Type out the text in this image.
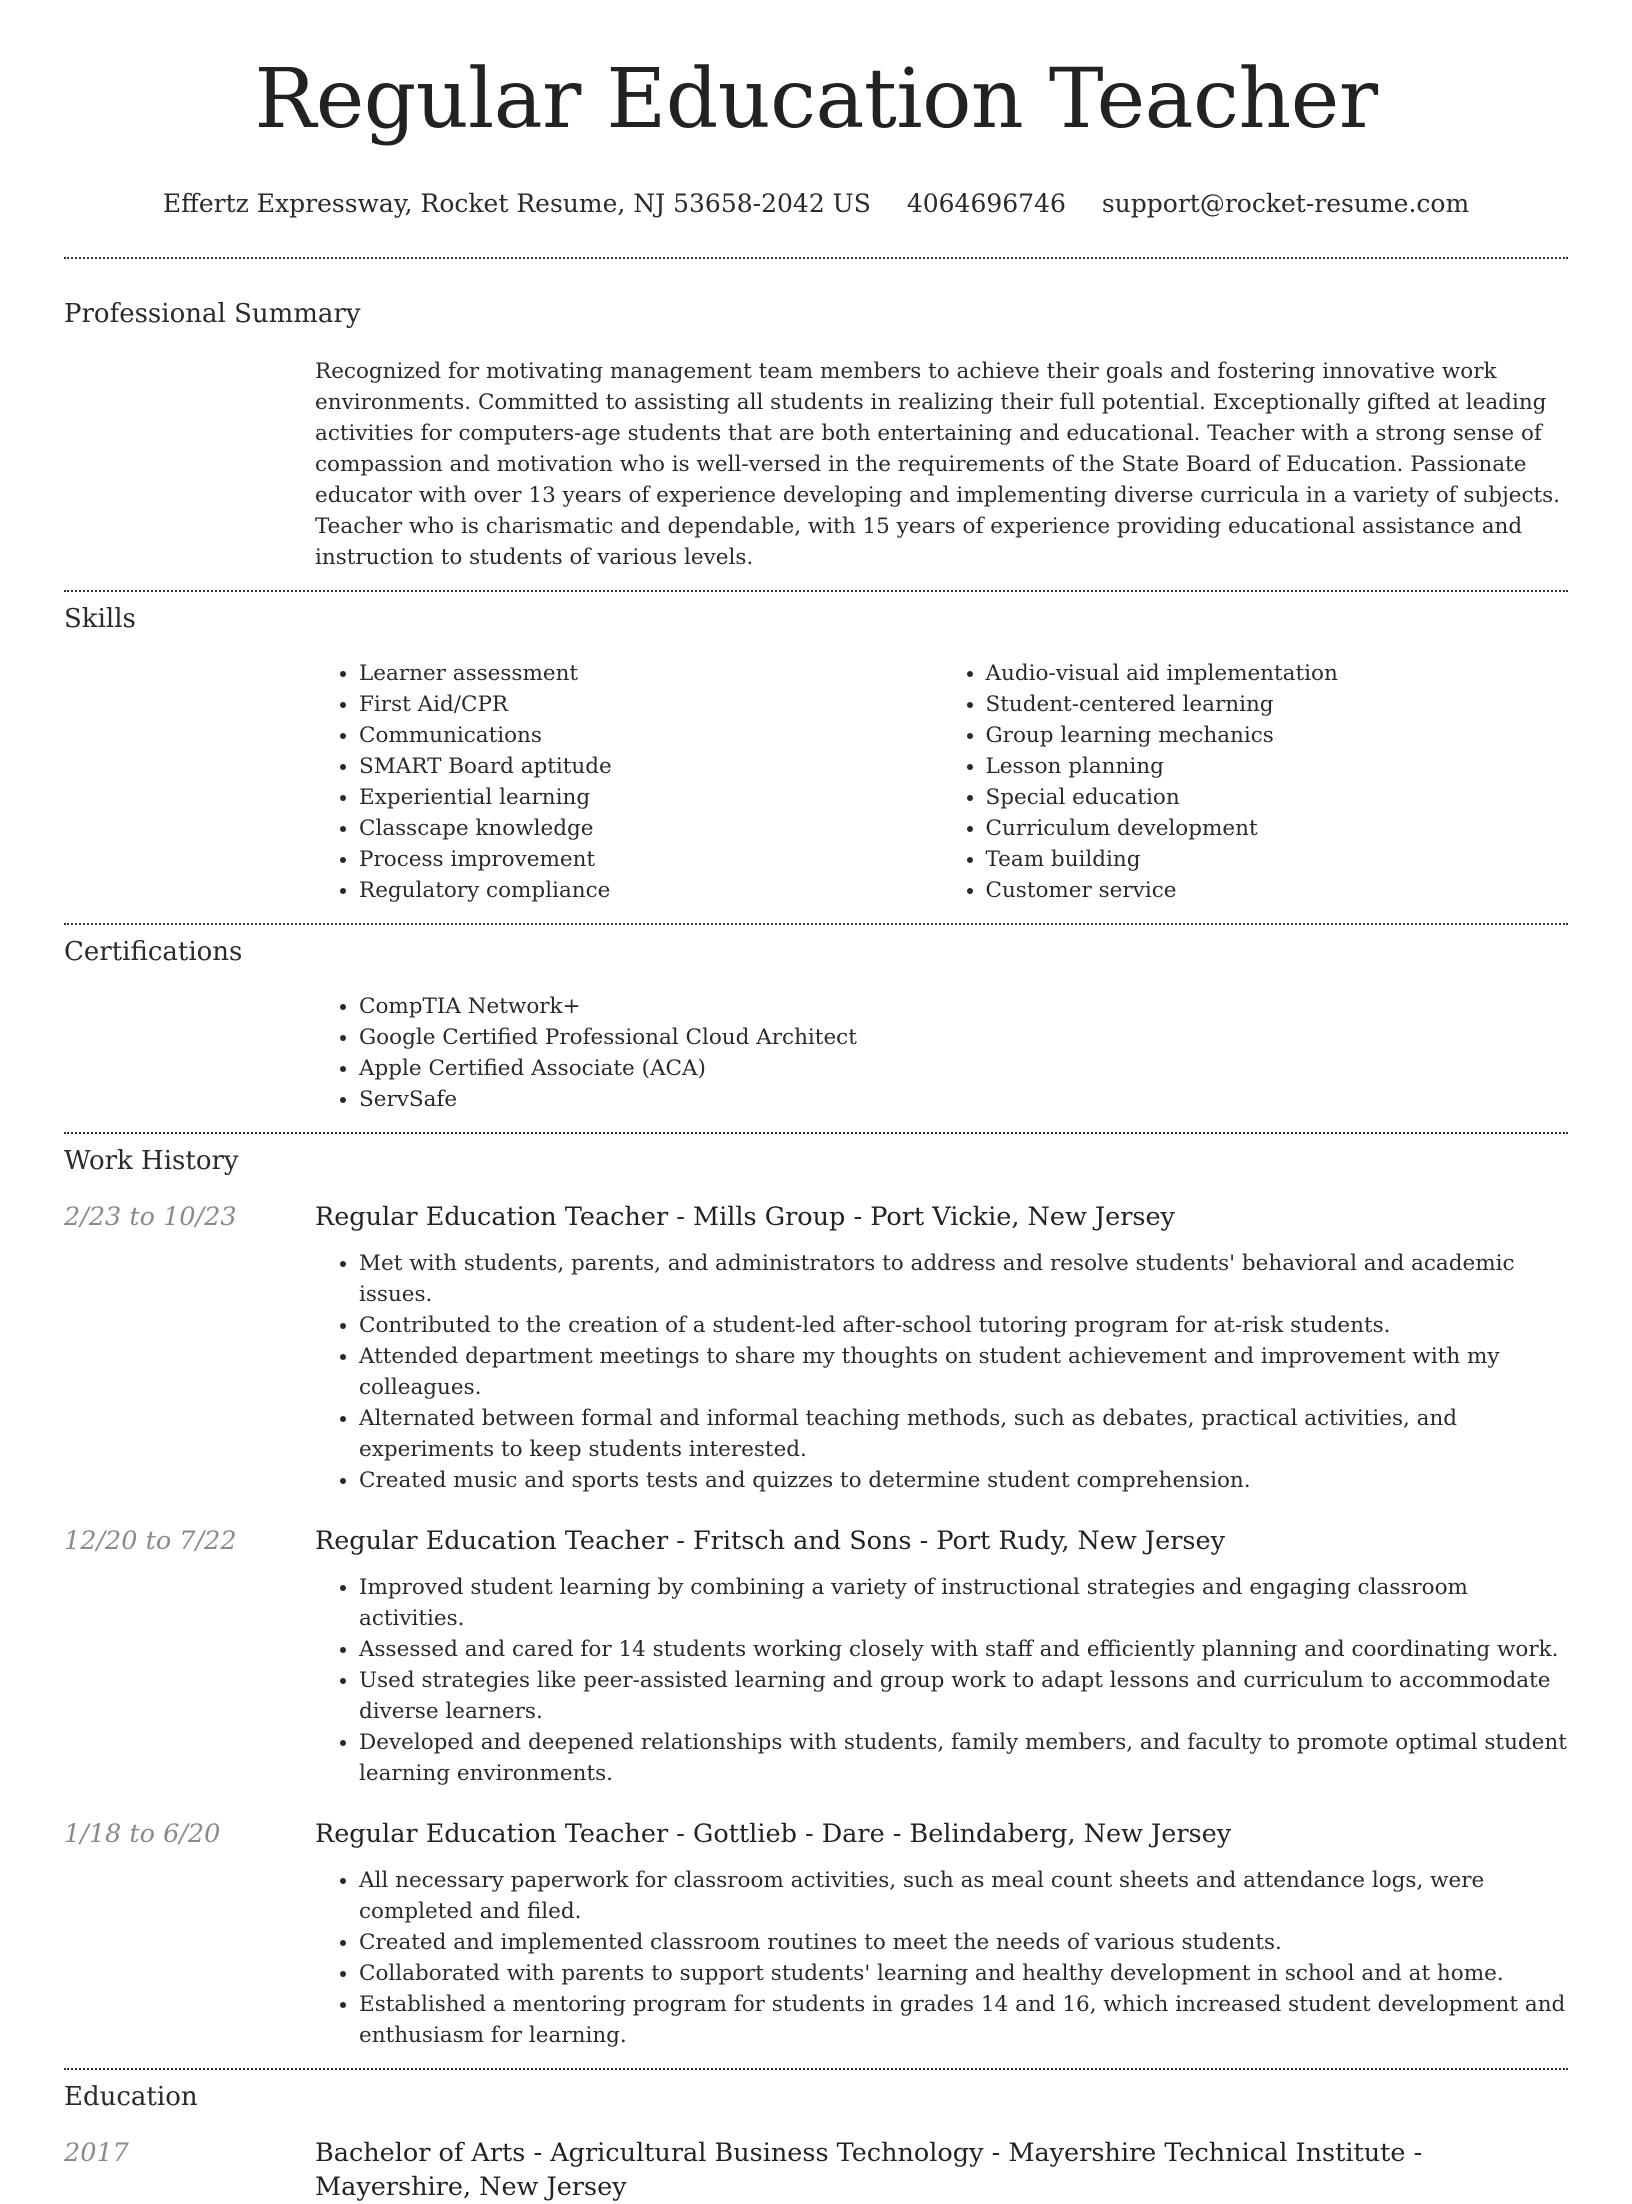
Regular Education Teacher
Effertz Expressway, Rocket Resume, NJ 53658-2042 US 4064696746 support@rocket-resume.com
Professional Summary
Recognized for motivating management team members to achieve their goals and fostering innovative work environments. Committed to assisting all students in realizing their full potential. Exceptionally gifted at leading activities for computers-age students that are both entertaining and educational. Teacher with a strong sense of compassion and motivation who is well-versed in the requirements of the State Board of Education. Passionate educator with over 13 years of experience developing and implementing diverse curricula in a variety of subjects. Teacher who is charismatic and dependable, with 15 years of experience providing educational assistance and instruction to students of various levels.
Skills
• Learner assessment
• First Aid/CPR
• Communications
• SMART Board aptitude
• Experiential learning
• Classcape knowledge
• Process improvement
• Regulatory compliance
• Audio-visual aid implementation
• Student-centered learning
• Group learning mechanics
• Lesson planning
• Special education
• Curriculum development
• Team building
• Customer service
Certifications
• CompTIA Network+
• Google Certified Professional Cloud Architect
• Apple Certified Associate (ACA)
• ServSafe
Work History
2/23 to 10/23	Regular Education Teacher - Mills Group - Port Vickie, New Jersey
• Met with students, parents, and administrators to address and resolve students' behavioral and academic issues.
• Contributed to the creation of a student-led after-school tutoring program for at-risk students.
• Attended department meetings to share my thoughts on student achievement and improvement with my colleagues.
• Alternated between formal and informal teaching methods, such as debates, practical activities, and experiments to keep students interested.
• Created music and sports tests and quizzes to determine student comprehension.
12/20 to 7/22	Regular Education Teacher - Fritsch and Sons - Port Rudy, New Jersey
• Improved student learning by combining a variety of instructional strategies and engaging classroom activities.
• Assessed and cared for 14 students working closely with staff and efficiently planning and coordinating work.
• Used strategies like peer-assisted learning and group work to adapt lessons and curriculum to accommodate diverse learners.
• Developed and deepened relationships with students, family members, and faculty to promote optimal student learning environments.
1/18 to 6/20	Regular Education Teacher - Gottlieb - Dare - Belindaberg, New Jersey
• All necessary paperwork for classroom activities, such as meal count sheets and attendance logs, were completed and filed.
• Created and implemented classroom routines to meet the needs of various students.
• Collaborated with parents to support students' learning and healthy development in school and at home.
• Established a mentoring program for students in grades 14 and 16, which increased student development and enthusiasm for learning.
Education
2017	Bachelor of Arts - Agricultural Business Technology - Mayershire Technical Institute - Mayershire, New Jersey
